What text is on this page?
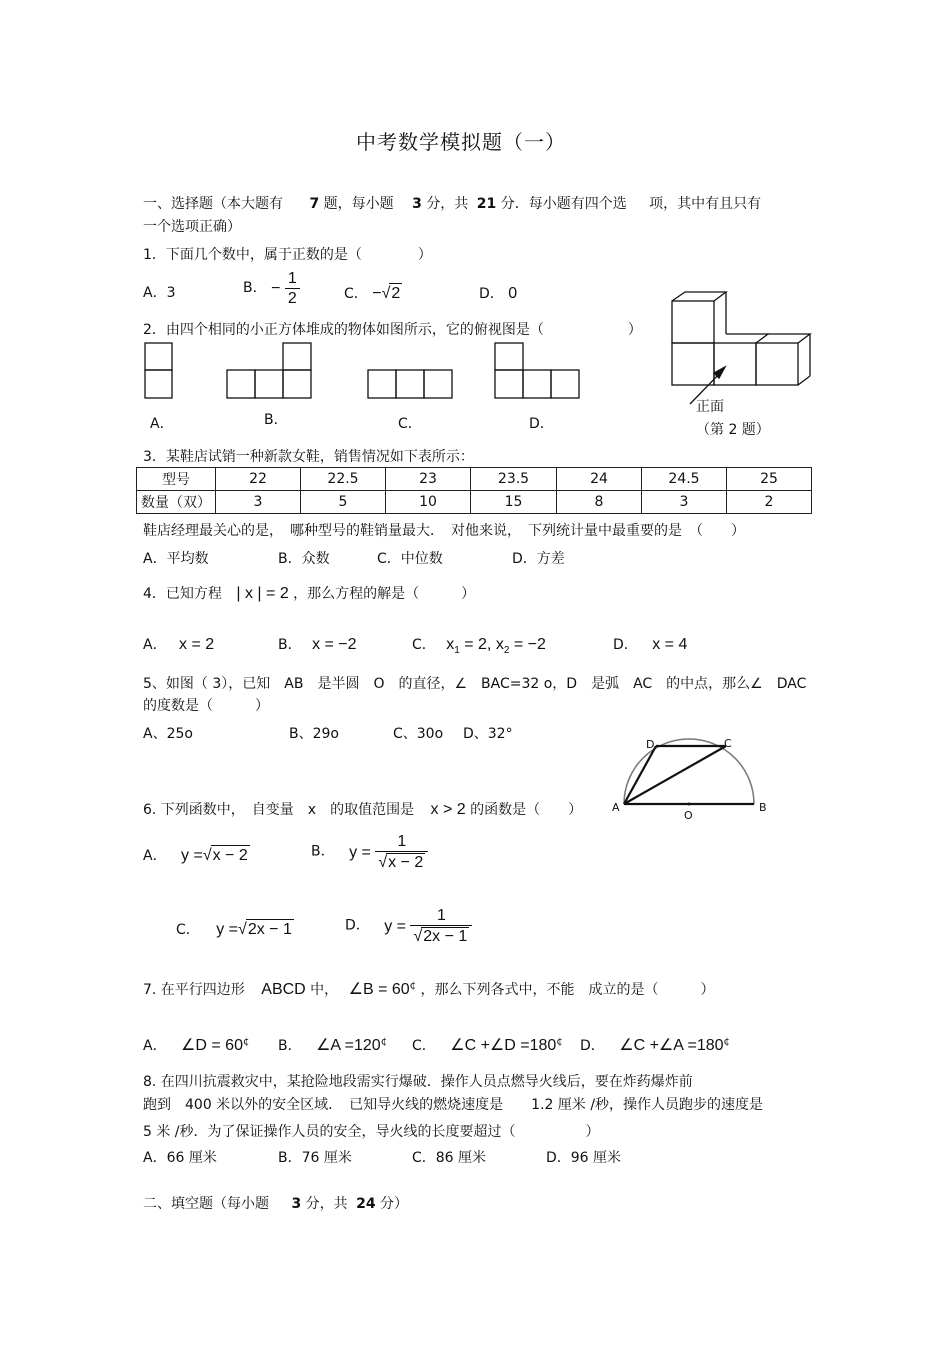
中考数学模拟题（一）
一、选择题（本大题有 7 题，每小题 3 分，共 21 分．每小题有四个选 项，其中有且只有
一个选项正确）
1．下面几个数中，属于正数的是（　　　　）
A．3	B． − $\frac{1}{2}$	C． −√2	D． 0
2．由四个相同的小正方体堆成的物体如图所示，它的俯视图是（　　　　　　）
A．	B．	C．	D．
正面
（第 2 题）
3．某鞋店试销一种新款女鞋，销售情况如下表所示：
型号	22	22.5	23	23.5	24	24.5	25
数量（双）	3	5	10	15	8	3	2
鞋店经理最关心的是，　哪种型号的鞋销量最大．　对他来说，　下列统计量中最重要的是　（　　）
A．平均数	B．众数	C．中位数	D．方差
4．已知方程 | x | = 2 ，那么方程的解是（　　　）
A． x = 2	B． x = −2	C． $x_1 = 2$, $x_2 = -2$	D． x = 4
5、如图（ 3），已知　AB　是半圆　O　的直径，∠　BAC=32 o，D　是弧　AC　的中点，那么∠　DAC
的度数是（　　　）
A、25o	B、29o	C、30o D、32°
D	C
A	B
O
6. 下列函数中，　自变量　x　的取值范围是 x > 2 的函数是（　　）
A． y =√x − 2	B． $y = \frac{1}{√x - 2}$
C． y =√2x − 1	D． $y = \frac{1}{√2x - 1}$
7. 在平行四边形 ABCD 中， ∠B = 60¢ ，那么下列各式中，不能　成立的是（　　　）
A． ∠D = 60¢ B． ∠A =120¢ C． ∠C +∠D =180¢ D． ∠C +∠A =180¢
8. 在四川抗震救灾中，某抢险地段需实行爆破．操作人员点燃导火线后，要在炸药爆炸前
跑到　400 米以外的安全区域．　已知导火线的燃烧速度是　　1.2 厘米 /秒，操作人员跑步的速度是
5 米 /秒．为了保证操作人员的安全，导火线的长度要超过（　　　　　）
A．66 厘米	B．76 厘米	C．86 厘米	D．96 厘米
二、填空题（每小题 3 分，共 24 分）
